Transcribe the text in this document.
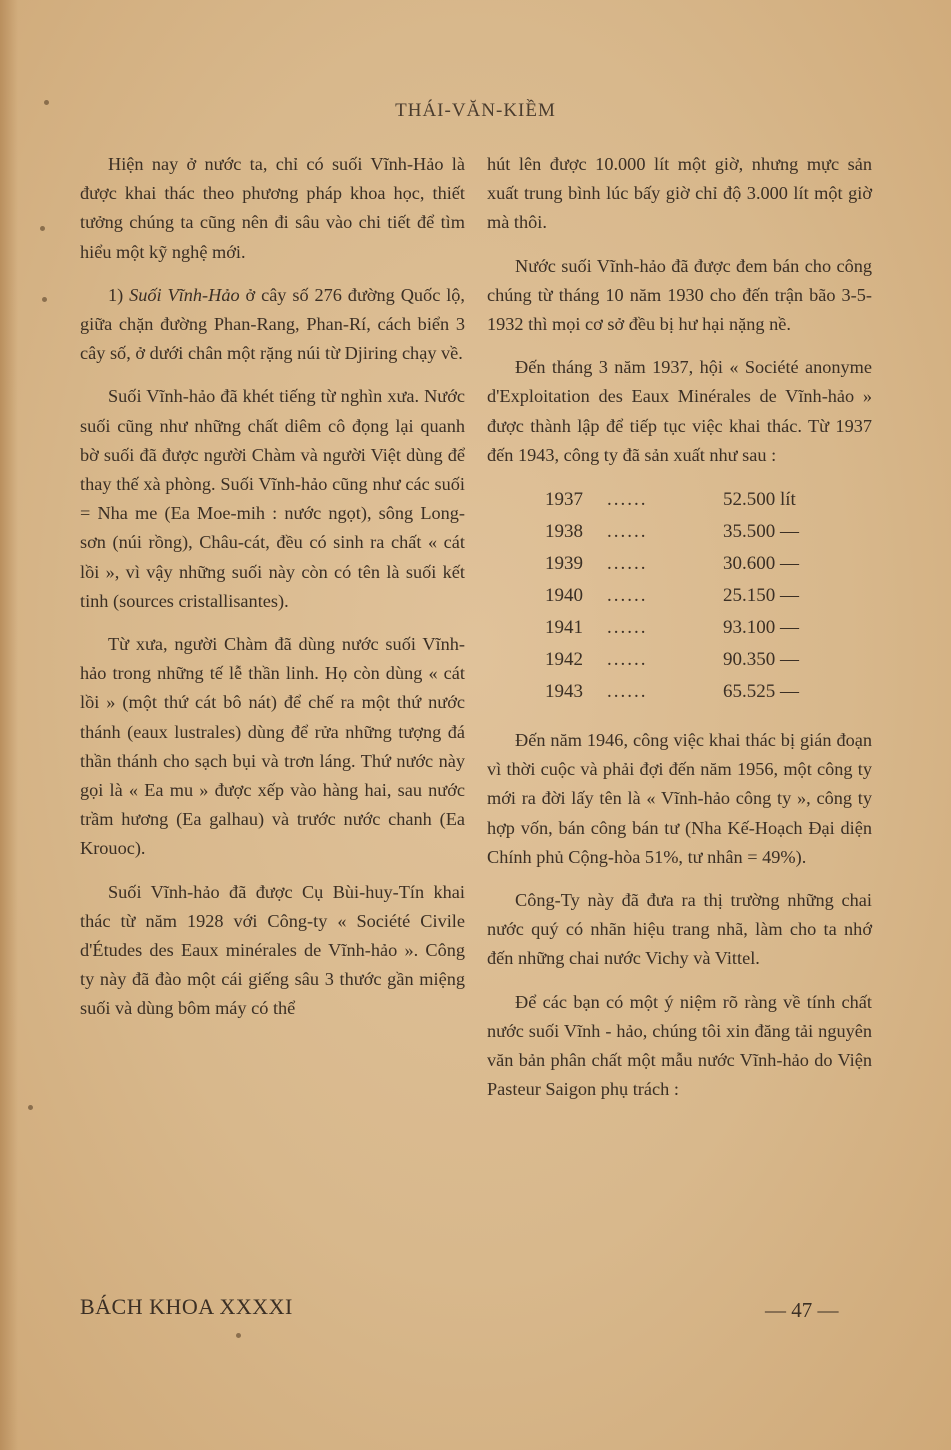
THÁI-VĂN-KIỀM

Hiện nay ở nước ta, chỉ có suối Vĩnh-Hảo là được khai thác theo phương pháp khoa học, thiết tưởng chúng ta cũng nên đi sâu vào chi tiết để tìm hiểu một kỹ nghệ mới.

1) Suối Vĩnh-Hảo ở cây số 276 đường Quốc lộ, giữa chặn đường Phan-Rang, Phan-Rí, cách biển 3 cây số, ở dưới chân một rặng núi từ Djiring chạy về.

Suối Vĩnh-hảo đã khét tiếng từ nghìn xưa. Nước suối cũng như những chất diêm cô đọng lại quanh bờ suối đã được người Chàm và người Việt dùng để thay thế xà phòng. Suối Vĩnh-hảo cũng như các suối = Nha me (Ea Moe-mih : nước ngọt), sông Long-sơn (núi rồng), Châu-cát, đều có sinh ra chất « cát lồi », vì vậy những suối này còn có tên là suối kết tinh (sources cristallisantes).

Từ xưa, người Chàm đã dùng nước suối Vĩnh-hảo trong những tế lễ thần linh. Họ còn dùng « cát lồi » (một thứ cát bô nát) để chế ra một thứ nước thánh (eaux lustrales) dùng để rửa những tượng đá thần thánh cho sạch bụi và trơn láng. Thứ nước này gọi là « Ea mu » được xếp vào hàng hai, sau nước trầm hương (Ea galhau) và trước nước chanh (Ea Krouoc).

Suối Vĩnh-hảo đã được Cụ Bùi-huy-Tín khai thác từ năm 1928 với Công-ty « Société Civile d'Études des Eaux minérales de Vĩnh-hảo ». Công ty này đã đào một cái giếng sâu 3 thước gần miệng suối và dùng bôm máy có thể

hút lên được 10.000 lít một giờ, nhưng mực sản xuất trung bình lúc bấy giờ chỉ độ 3.000 lít một giờ mà thôi.

Nước suối Vĩnh-hảo đã được đem bán cho công chúng từ tháng 10 năm 1930 cho đến trận bão 3-5-1932 thì mọi cơ sở đều bị hư hại nặng nề.

Đến tháng 3 năm 1937, hội « Société anonyme d'Exploitation des Eaux Minérales de Vĩnh-hảo » được thành lập để tiếp tục việc khai thác. Từ 1937 đến 1943, công ty đã sản xuất như sau :

1937	......	52.500 lít
1938	......	35.500 —
1939	......	30.600 —
1940	......	25.150 —
1941	......	93.100 —
1942	......	90.350 —
1943	......	65.525 —

Đến năm 1946, công việc khai thác bị gián đoạn vì thời cuộc và phải đợi đến năm 1956, một công ty mới ra đời lấy tên là « Vĩnh-hảo công ty », công ty hợp vốn, bán công bán tư (Nha Kế-Hoạch Đại diện Chính phủ Cộng-hòa 51%, tư nhân = 49%).

Công-Ty này đã đưa ra thị trường những chai nước quý có nhãn hiệu trang nhã, làm cho ta nhớ đến những chai nước Vichy và Vittel.

Để các bạn có một ý niệm rõ ràng về tính chất nước suối Vĩnh - hảo, chúng tôi xin đăng tải nguyên văn bản phân chất một mẫu nước Vĩnh-hảo do Viện Pasteur Saigon phụ trách :

BÁCH KHOA XXXXI	— 47 —
